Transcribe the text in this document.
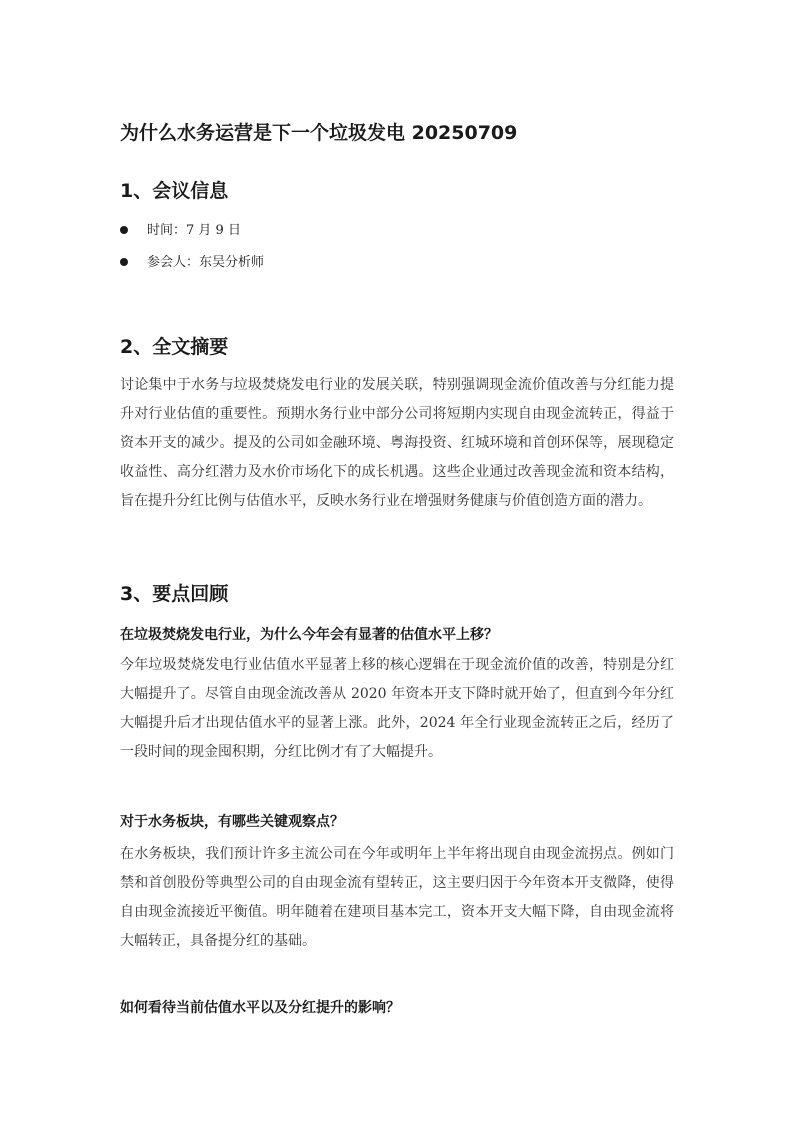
为什么水务运营是下一个垃圾发电 20250709
1、会议信息
时间：7 月 9 日
参会人：东吴分析师
2、全文摘要

讨论集中于水务与垃圾焚烧发电行业的发展关联，特别强调现金流价值改善与分红能力提升对行业估值的重要性。预期水务行业中部分公司将短期内实现自由现金流转正，得益于资本开支的减少。提及的公司如金融环境、粤海投资、红城环境和首创环保等，展现稳定收益性、高分红潜力及水价市场化下的成长机遇。这些企业通过改善现金流和资本结构，旨在提升分红比例与估值水平，反映水务行业在增强财务健康与价值创造方面的潜力。

3、要点回顾

在垃圾焚烧发电行业，为什么今年会有显著的估值水平上移？

今年垃圾焚烧发电行业估值水平显著上移的核心逻辑在于现金流价值的改善，特别是分红大幅提升了。尽管自由现金流改善从 2020 年资本开支下降时就开始了，但直到今年分红大幅提升后才出现估值水平的显著上涨。此外，2024 年全行业现金流转正之后，经历了一段时间的现金囤积期，分红比例才有了大幅提升。

对于水务板块，有哪些关键观察点？

在水务板块，我们预计许多主流公司在今年或明年上半年将出现自由现金流拐点。例如门禁和首创股份等典型公司的自由现金流有望转正，这主要归因于今年资本开支微降，使得自由现金流接近平衡值。明年随着在建项目基本完工，资本开支大幅下降，自由现金流将大幅转正，具备提分红的基础。

如何看待当前估值水平以及分红提升的影响？
